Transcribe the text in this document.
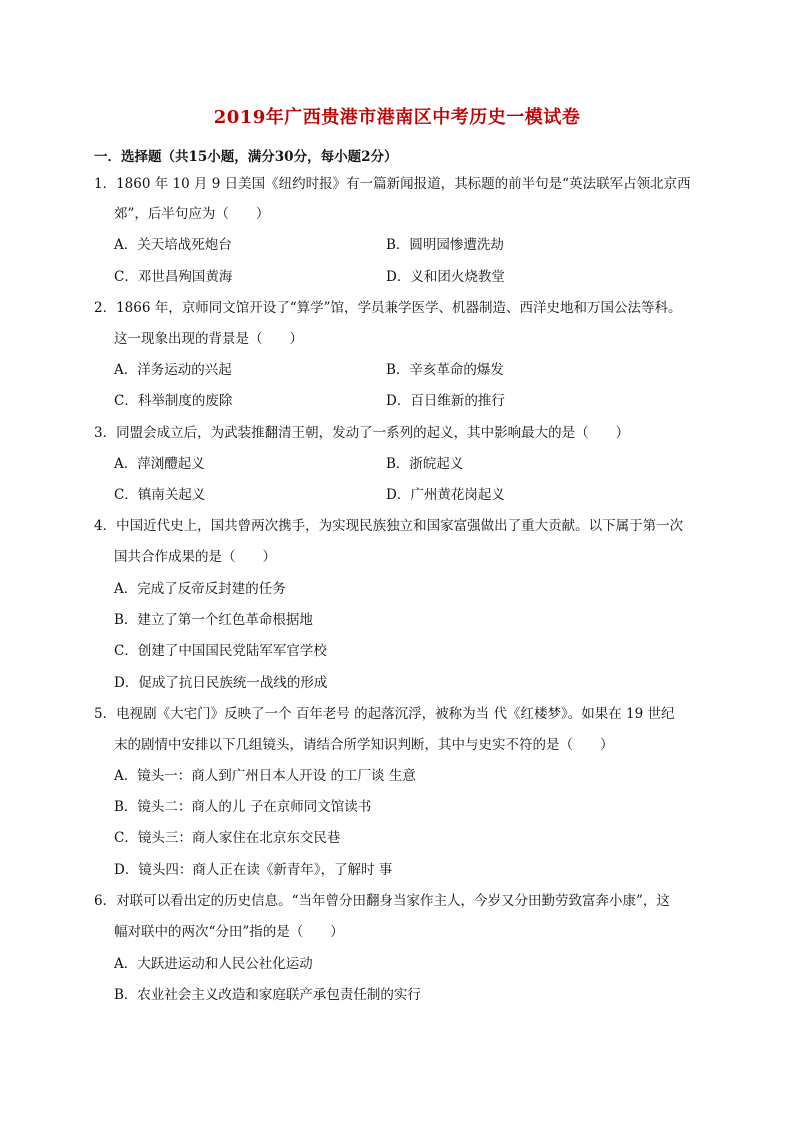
2019年广西贵港市港南区中考历史一模试卷
一．选择题（共15小题，满分30分，每小题2分）
1．1860 年 10 月 9 日美国《纽约时报》有一篇新闻报道，其标题的前半句是“英法联军占领北京西
郊”，后半句应为（　　）
A．关天培战死炮台	B．圆明园惨遭洗劫
C．邓世昌殉国黄海	D．义和团火烧教堂
2．1866 年，京师同文馆开设了“算学”馆，学员兼学医学、机器制造、西洋史地和万国公法等科。
这一现象出现的背景是（　　）
A．洋务运动的兴起	B．辛亥革命的爆发
C．科举制度的废除	D．百日维新的推行
3．同盟会成立后，为武装推翻清王朝，发动了一系列的起义，其中影响最大的是（　　）
A．萍浏醴起义	B．浙皖起义
C．镇南关起义	D．广州黄花岗起义
4．中国近代史上，国共曾两次携手，为实现民族独立和国家富强做出了重大贡献。以下属于第一次
国共合作成果的是（　　）
A．完成了反帝反封建的任务
B．建立了第一个红色革命根据地
C．创建了中国国民党陆军军官学校
D．促成了抗日民族统一战线的形成
5．电视剧《大宅门》反映了一个 百年老号 的起落沉浮，被称为当 代《红楼梦》。如果在 19 世纪
末的剧情中安排以下几组镜头，请结合所学知识判断，其中与史实不符的是（　　）
A．镜头一：商人到广州日本人开设 的工厂谈 生意
B．镜头二：商人的儿 子在京师同文馆读书
C．镜头三：商人家住在北京东交民巷
D．镜头四：商人正在读《新青年》，了解时 事
6．对联可以看出定的历史信息。“当年曾分田翻身当家作主人，今岁又分田勤劳致富奔小康”，这
幅对联中的两次“分田”指的是（　　）
A．大跃进运动和人民公社化运动
B．农业社会主义改造和家庭联产承包责任制的实行
